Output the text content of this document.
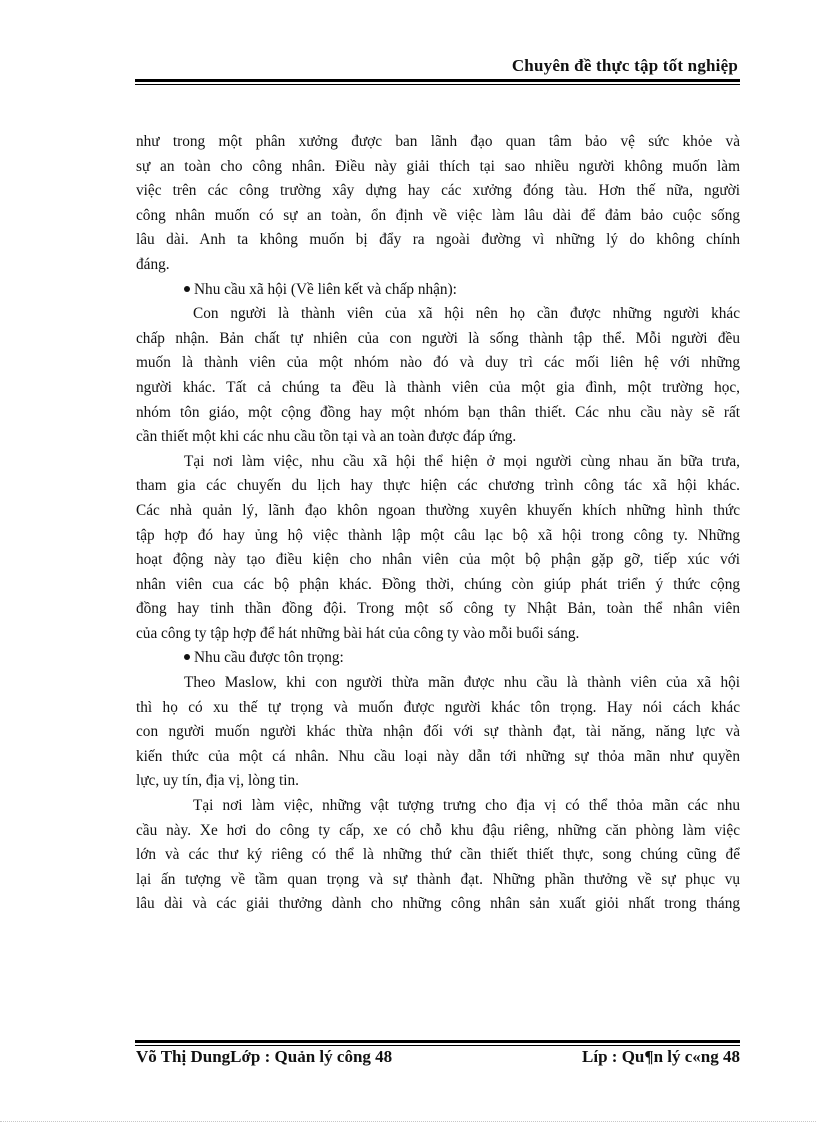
Chuyên đề thực tập tốt nghiệp
như trong một phân xưởng được ban lãnh đạo quan tâm bảo vệ sức khỏe và
sự an toàn cho công nhân. Điều này giải thích tại sao nhiều người không muốn làm
việc trên các công trường xây dựng hay các xưởng đóng tàu. Hơn thế nữa, người
công nhân muốn có sự an toàn, ổn định về việc làm lâu dài để đảm bảo cuộc sống
lâu dài. Anh ta không muốn bị đẩy ra ngoài đường vì những lý do không chính
đáng.
Nhu cầu xã hội (Về liên kết và chấp nhận):
Con người là thành viên của xã hội nên họ cần được những người khác
chấp nhận. Bản chất tự nhiên của con người là sống thành tập thể. Mỗi người đều
muốn là thành viên của một nhóm nào đó và duy trì các mối liên hệ với những
người khác. Tất cả chúng ta đều là thành viên của một gia đình, một trường học,
nhóm tôn giáo, một cộng đồng hay một nhóm bạn thân thiết. Các nhu cầu này sẽ rất
cần thiết một khi các nhu cầu tồn tại và an toàn được đáp ứng.
Tại nơi làm việc, nhu cầu xã hội thể hiện ở mọi người cùng nhau ăn bữa trưa,
tham gia các chuyến du lịch hay thực hiện các chương trình công tác xã hội khác.
Các nhà quản lý, lãnh đạo khôn ngoan thường xuyên khuyến khích những hình thức
tập hợp đó hay ủng hộ việc thành lập một câu lạc bộ xã hội trong công ty. Những
hoạt động này tạo điều kiện cho nhân viên của một bộ phận gặp gỡ, tiếp xúc với
nhân viên cua các bộ phận khác. Đồng thời, chúng còn giúp phát triển ý thức cộng
đồng hay tinh thần đồng đội. Trong một số công ty Nhật Bản, toàn thể nhân viên
của công ty tập hợp để hát những bài hát của công ty vào mỗi buổi sáng.
Nhu cầu được tôn trọng:
Theo Maslow, khi con người thừa mãn được nhu cầu là thành viên của xã hội
thì họ có xu thế tự trọng và muốn được người khác tôn trọng. Hay nói cách khác
con người muốn người khác thừa nhận đối với sự thành đạt, tài năng, năng lực và
kiến thức của một cá nhân. Nhu cầu loại này dẫn tới những sự thỏa mãn như quyền
lực, uy tín, địa vị, lòng tin.
Tại nơi làm việc, những vật tượng trưng cho địa vị có thể thỏa mãn các nhu
cầu này. Xe hơi do công ty cấp, xe có chỗ khu đậu riêng, những căn phòng làm việc
lớn và các thư ký riêng có thể là những thứ cần thiết thiết thực, song chúng cũng để
lại ấn tượng về tầm quan trọng và sự thành đạt. Những phần thưởng về sự phục vụ
lâu dài và các giải thưởng dành cho những công nhân sản xuất giỏi nhất trong tháng
Võ Thị DungLớp : Quản lý công 48	Líp : Qu¶n lý c«ng 48
